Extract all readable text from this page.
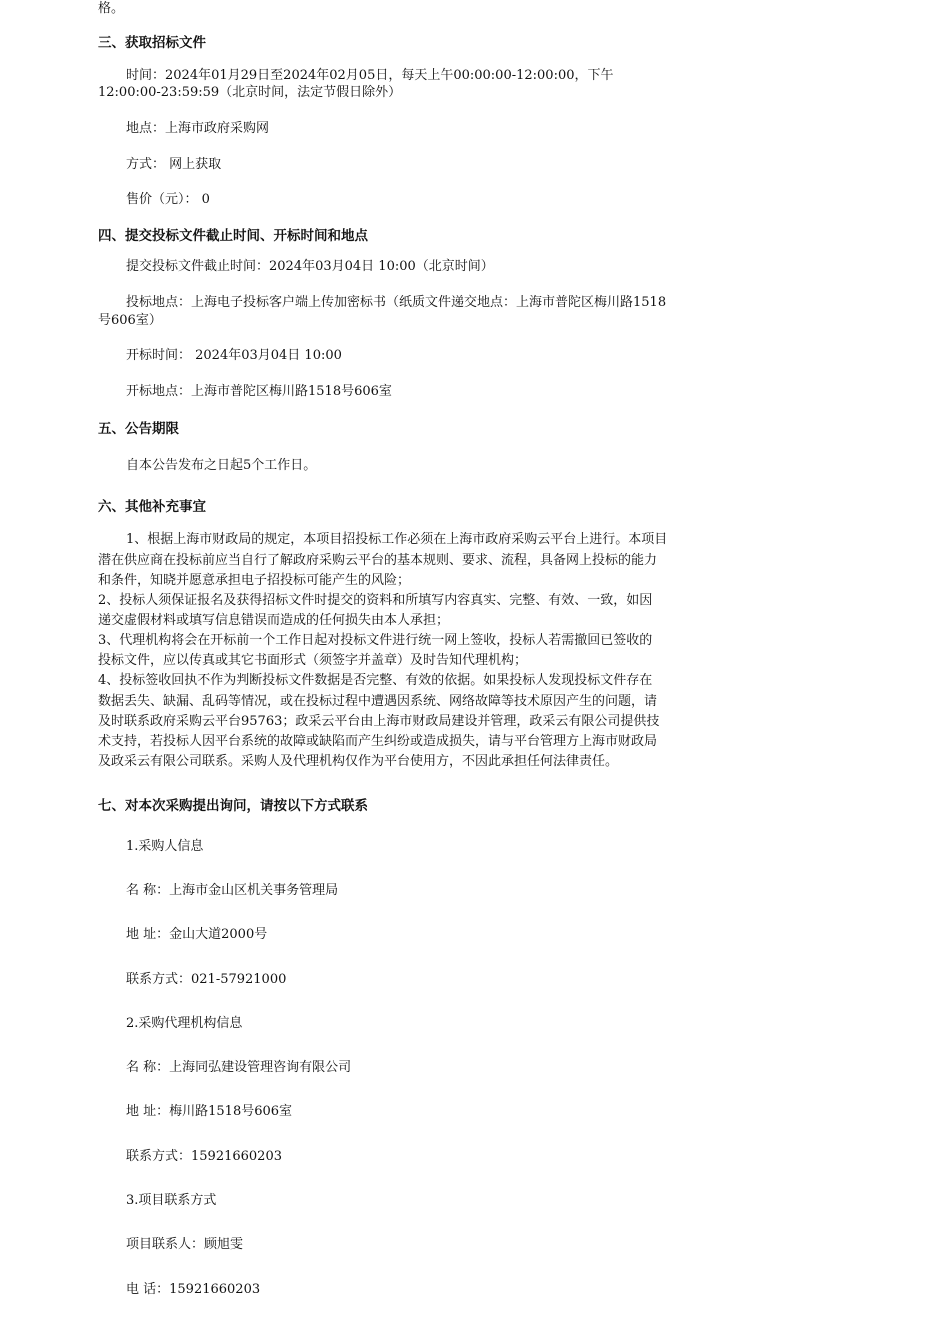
格。
三、获取招标文件
时间：2024年01月29日至2024年02月05日，每天上午00:00:00-12:00:00，下午
12:00:00-23:59:59（北京时间，法定节假日除外）
地点：上海市政府采购网
方式： 网上获取
售价（元）： 0
四、提交投标文件截止时间、开标时间和地点
提交投标文件截止时间：2024年03月04日 10:00（北京时间）
投标地点：上海电子投标客户端上传加密标书（纸质文件递交地点：上海市普陀区梅川路1518
号606室）
开标时间： 2024年03月04日 10:00
开标地点：上海市普陀区梅川路1518号606室
五、公告期限
自本公告发布之日起5个工作日。
六、其他补充事宜
1、根据上海市财政局的规定，本项目招投标工作必须在上海市政府采购云平台上进行。本项目
潜在供应商在投标前应当自行了解政府采购云平台的基本规则、要求、流程，具备网上投标的能力
和条件，知晓并愿意承担电子招投标可能产生的风险；
2、投标人须保证报名及获得招标文件时提交的资料和所填写内容真实、完整、有效、一致，如因
递交虚假材料或填写信息错误而造成的任何损失由本人承担；
3、代理机构将会在开标前一个工作日起对投标文件进行统一网上签收，投标人若需撤回已签收的
投标文件，应以传真或其它书面形式（须签字并盖章）及时告知代理机构；
4、投标签收回执不作为判断投标文件数据是否完整、有效的依据。如果投标人发现投标文件存在
数据丢失、缺漏、乱码等情况，或在投标过程中遭遇因系统、网络故障等技术原因产生的问题，请
及时联系政府采购云平台95763；政采云平台由上海市财政局建设并管理，政采云有限公司提供技
术支持，若投标人因平台系统的故障或缺陷而产生纠纷或造成损失，请与平台管理方上海市财政局
及政采云有限公司联系。采购人及代理机构仅作为平台使用方，不因此承担任何法律责任。
七、对本次采购提出询问，请按以下方式联系
1.采购人信息
名 称：上海市金山区机关事务管理局
地 址：金山大道2000号
联系方式：021-57921000
2.采购代理机构信息
名 称：上海同弘建设管理咨询有限公司
地 址：梅川路1518号606室
联系方式：15921660203
3.项目联系方式
项目联系人：顾旭雯
电 话：15921660203
